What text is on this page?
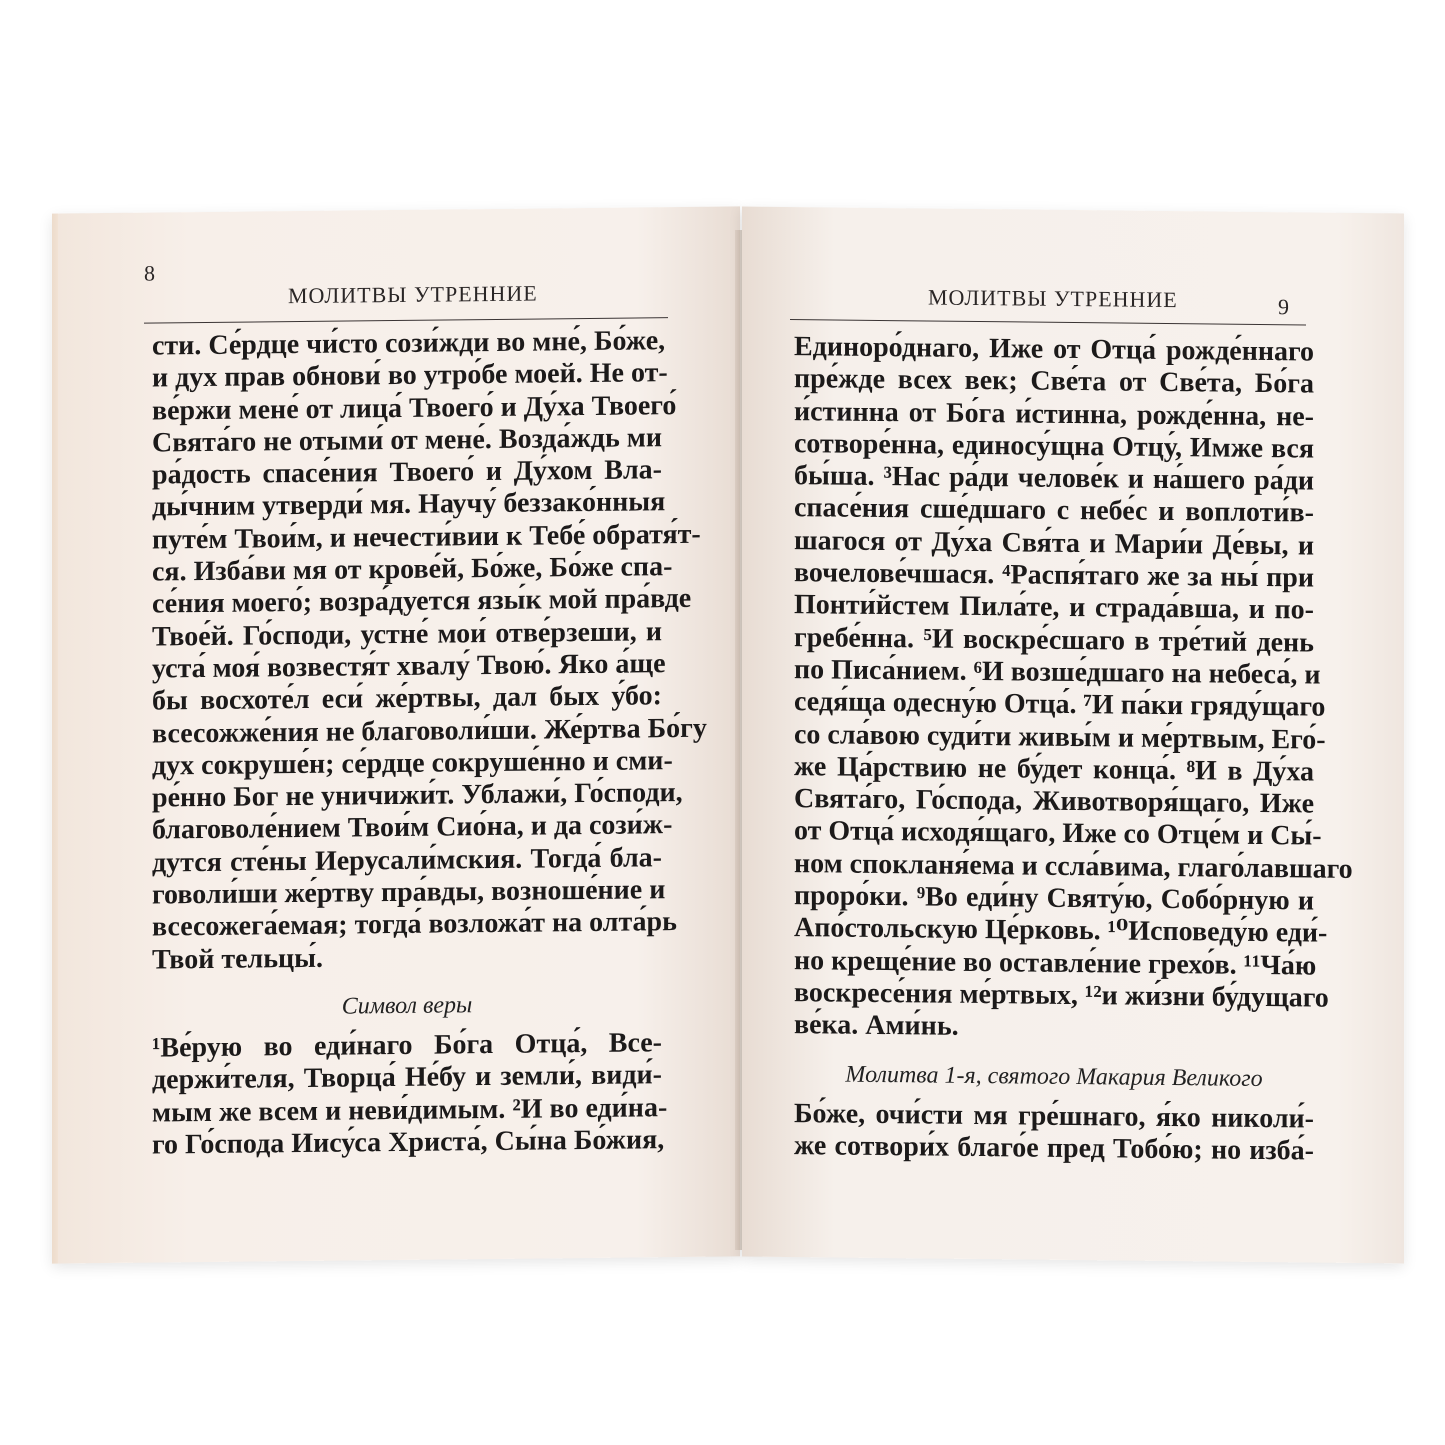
8
МОЛИТВЫ УТРЕННИЕ
сти. Се́рдце чи́сто сози́жди во мне́, Бо́же,
и дух прав обнови́ во утро́бе моей. Не от-
ве́ржи мене́ от лица́ Твоего́ и Ду́ха Твоего́
Свята́го не отыми́ от мене́. Возда́ждь ми
ра́дость спасе́ния Твоего́ и Ду́хом Вла-
ды́чним утверди́ мя. Научу́ беззако́нныя
путе́м Твои́м, и нечести́вии к Тебе́ обратя́т-
ся. Изба́ви мя от крове́й, Бо́же, Бо́же спа-
се́ния моего́; возра́дуется язы́к мой пра́вде
Твое́й. Го́споди, устне́ мои́ отве́рзеши, и
уста́ моя́ возвестя́т хвалу́ Твою́. Яко а́ще
бы восхоте́л еси́ же́ртвы, дал бых у́бо:
всесожже́ния не благоволи́ши. Же́ртва Бо́гу
дух сокруше́н; се́рдце сокруше́нно и сми-
ре́нно Бог не уничижи́т. Ублажи́, Го́споди,
благоволе́нием Твои́м Сио́на, и да сози́ж-
дутся сте́ны Иерусали́мския. Тогда́ бла-
говоли́ши же́ртву пра́вды, возноше́ние и
всесожега́емая; тогда́ возложа́т на олта́рь
Твой тельцы́.
Символ веры
¹Ве́рую во еди́наго Бо́га Отца́, Все-
держи́теля, Творца́ Не́бу и земли́, види́-
мым же всем и неви́димым. ²И во еди́на-
го Го́спода Иису́са Христа́, Сы́на Бо́жия,
МОЛИТВЫ УТРЕННИЕ	9
Единоро́днаго, Иже от Отца́ рожде́ннаго
пре́жде всех век; Све́та от Све́та, Бо́га
и́стинна от Бо́га и́стинна, рожде́нна, не-
сотворе́нна, единосу́щна Отцу́, Имже вся
бы́ша. ³Нас ра́ди челове́к и на́шего ра́ди
спасе́ния сше́дшаго с небе́с и воплоти́в-
шагося от Ду́ха Свя́та и Мари́и Де́вы, и
вочелове́чшася. ⁴Распя́таго же за ны́ при
Понти́йстем Пила́те, и страда́вша, и по-
гребе́нна. ⁵И воскре́сшаго в тре́тий день
по Писа́нием. ⁶И возше́дшаго на небеса́, и
седя́ща одесну́ю Отца́. ⁷И па́ки гряду́щаго
со сла́вою суди́ти живы́м и ме́ртвым, Его́-
же Ца́рствию не бу́дет конца́. ⁸И в Ду́ха
Свята́го, Го́спода, Животворя́щаго, Иже
от Отца́ исходя́щаго, Иже со Отце́м и Сы́-
ном спокланя́ема и ссла́вима, глаго́лавшаго
проро́ки. ⁹Во еди́ну Святу́ю, Собо́рную и
Апо́стольскую Це́рковь. ¹⁰Исповеду́ю еди́-
но креще́ние во оставле́ние грехо́в. ¹¹Ча́ю
воскресе́ния ме́ртвых, ¹²и жи́зни бу́дущаго
ве́ка. Ами́нь.
Молитва 1-я, святого Макария Великого
Бо́же, очи́сти мя гре́шнаго, я́ко николи́-
же сотвори́х благо́е пред Тобо́ю; но изба́-
